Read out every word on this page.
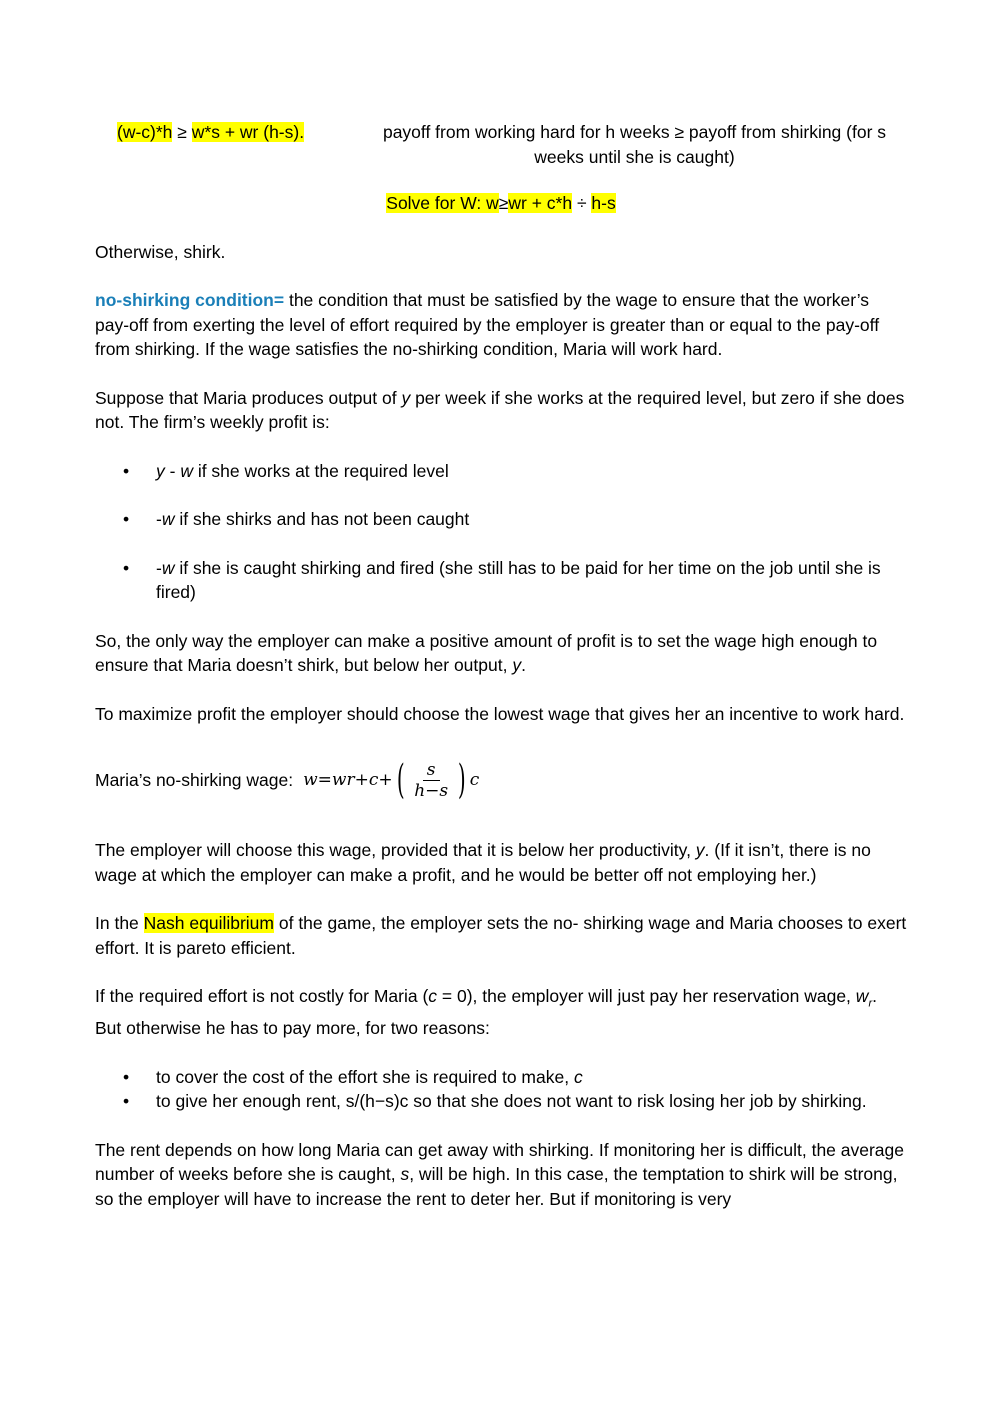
(w-c)*h ≥ w*s + wr (h-s).	payoff from working hard for h weeks ≥ payoff from shirking (for s weeks until she is caught)
Solve for W: w≥wr + c*h ÷ h-s
Otherwise, shirk.
no-shirking condition= the condition that must be satisfied by the wage to ensure that the worker’s pay-off from exerting the level of effort required by the employer is greater than or equal to the pay-off from shirking. If the wage satisfies the no-shirking condition, Maria will work hard.
Suppose that Maria produces output of y per week if she works at the required level, but zero if she does not. The firm’s weekly profit is:
• y - w if she works at the required level
• -w if she shirks and has not been caught
• -w if she is caught shirking and fired (she still has to be paid for her time on the job until she is fired)
So, the only way the employer can make a positive amount of profit is to set the wage high enough to ensure that Maria doesn’t shirk, but below her output, y.
To maximize profit the employer should choose the lowest wage that gives her an incentive to work hard.
Maria’s no-shirking wage: $w=wr+c+( \frac{s}{h-s}$ ) c
The employer will choose this wage, provided that it is below her productivity, y. (If it isn’t, there is no wage at which the employer can make a profit, and he would be better off not employing her.)
In the Nash equilibrium of the game, the employer sets the no- shirking wage and Maria chooses to exert effort. It is pareto efficient.
If the required effort is not costly for Maria (c = 0), the employer will just pay her reservation wage, $w_r$. But otherwise he has to pay more, for two reasons:
• to cover the cost of the effort she is required to make, c
• to give her enough rent, s/(h−s)c so that she does not want to risk losing her job by shirking.
The rent depends on how long Maria can get away with shirking. If monitoring her is difficult, the average number of weeks before she is caught, s, will be high. In this case, the temptation to shirk will be strong, so the employer will have to increase the rent to deter her. But if monitoring is very
